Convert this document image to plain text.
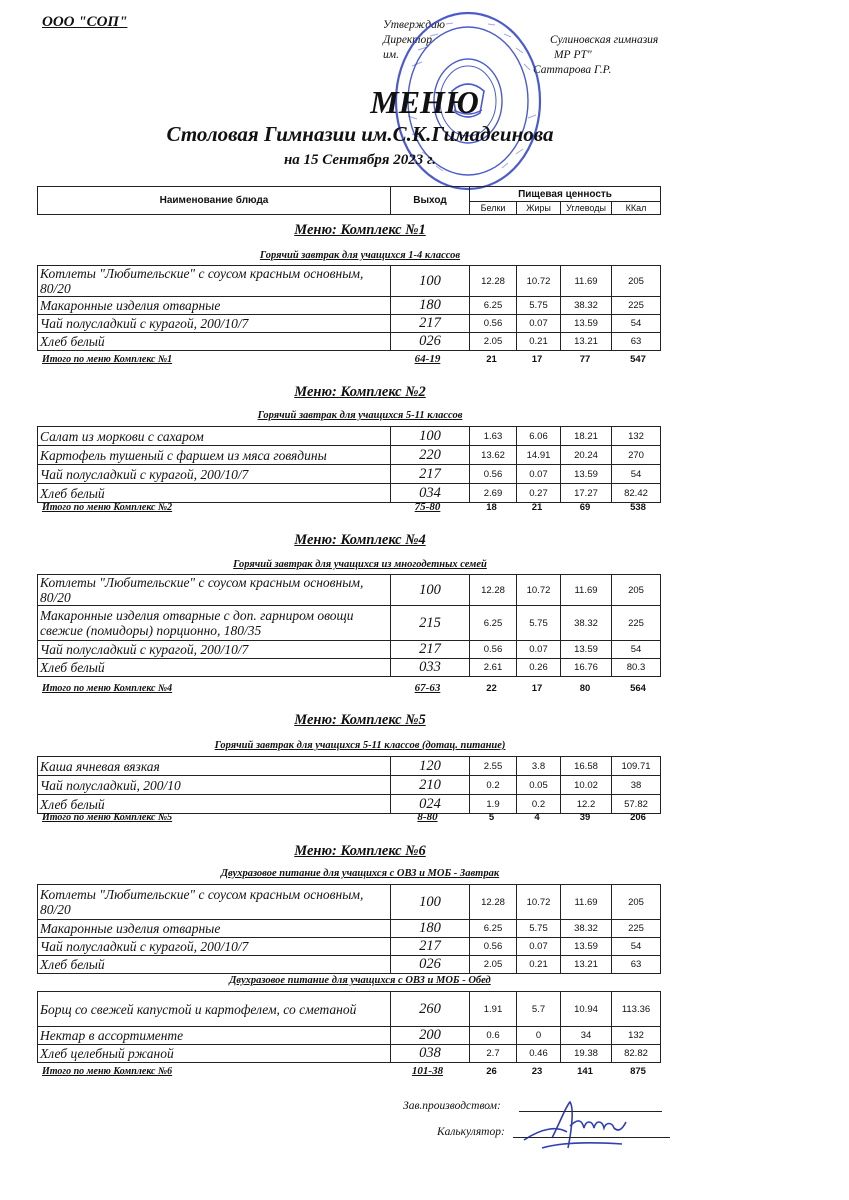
ООО "СОП"	Утверждаю
Директор	Сулиновская гимназия
им.	МР РТ"
Саттарова Г.Р.
МЕНЮ
Столовая Гимназии им.С.К.Гимадеинова
на 15 Сентября 2023 г.
Наименование блюда	Выход	Пищевая ценность			
		Белки	Жиры	Углеводы	ККал
Меню: Комплекс №1
Горячий завтрак для учащихся 1-4 классов
Котлеты "Любительские" с соусом красным основным, 80/20	100	12.28	10.72	11.69	205
Макаронные изделия отварные	180	6.25	5.75	38.32	225
Чай полусладкий с курагой, 200/10/7	217	0.56	0.07	13.59	54
Хлеб белый	026	2.05	0.21	13.21	63
Итого по меню Комплекс №1	64-19	21	17	77	547
Меню: Комплекс №2
Горячий завтрак для учащихся 5-11 классов
Салат из моркови с сахаром	100	1.63	6.06	18.21	132
Картофель тушеный с фаршем из мяса говядины	220	13.62	14.91	20.24	270
Чай полусладкий с курагой, 200/10/7	217	0.56	0.07	13.59	54
Хлеб белый	034	2.69	0.27	17.27	82.42
Итого по меню Комплекс №2	75-80	18	21	69	538
Меню: Комплекс №4
Горячий завтрак для учащихся из многодетных семей
Котлеты "Любительские" с соусом красным основным, 80/20	100	12.28	10.72	11.69	205
Макаронные изделия отварные с доп. гарниром овощи свежие (помидоры) порционно, 180/35	215	6.25	5.75	38.32	225
Чай полусладкий с курагой, 200/10/7	217	0.56	0.07	13.59	54
Хлеб белый	033	2.61	0.26	16.76	80.3
Итого по меню Комплекс №4	67-63	22	17	80	564
Меню: Комплекс №5
Горячий завтрак для учащихся 5-11 классов (дотац. питание)
Каша ячневая вязкая	120	2.55	3.8	16.58	109.71
Чай полусладкий, 200/10	210	0.2	0.05	10.02	38
Хлеб белый	024	1.9	0.2	12.2	57.82
Итого по меню Комплекс №5	8-80	5	4	39	206
Меню: Комплекс №6
Двухразовое питание для учащихся с ОВЗ и МОБ - Завтрак
Котлеты "Любительские" с соусом красным основным, 80/20	100	12.28	10.72	11.69	205
Макаронные изделия отварные	180	6.25	5.75	38.32	225
Чай полусладкий с курагой, 200/10/7	217	0.56	0.07	13.59	54
Хлеб белый	026	2.05	0.21	13.21	63
Двухразовое питание для учащихся с ОВЗ и МОБ - Обед
Борщ со свежей капустой и картофелем, со сметаной	260	1.91	5.7	10.94	113.36
Нектар в ассортименте	200	0.6	0	34	132
Хлеб целебный ржаной	038	2.7	0.46	19.38	82.82
Итого по меню Комплекс №6	101-38	26	23	141	875
Зав.производством:
Калькулятор:
